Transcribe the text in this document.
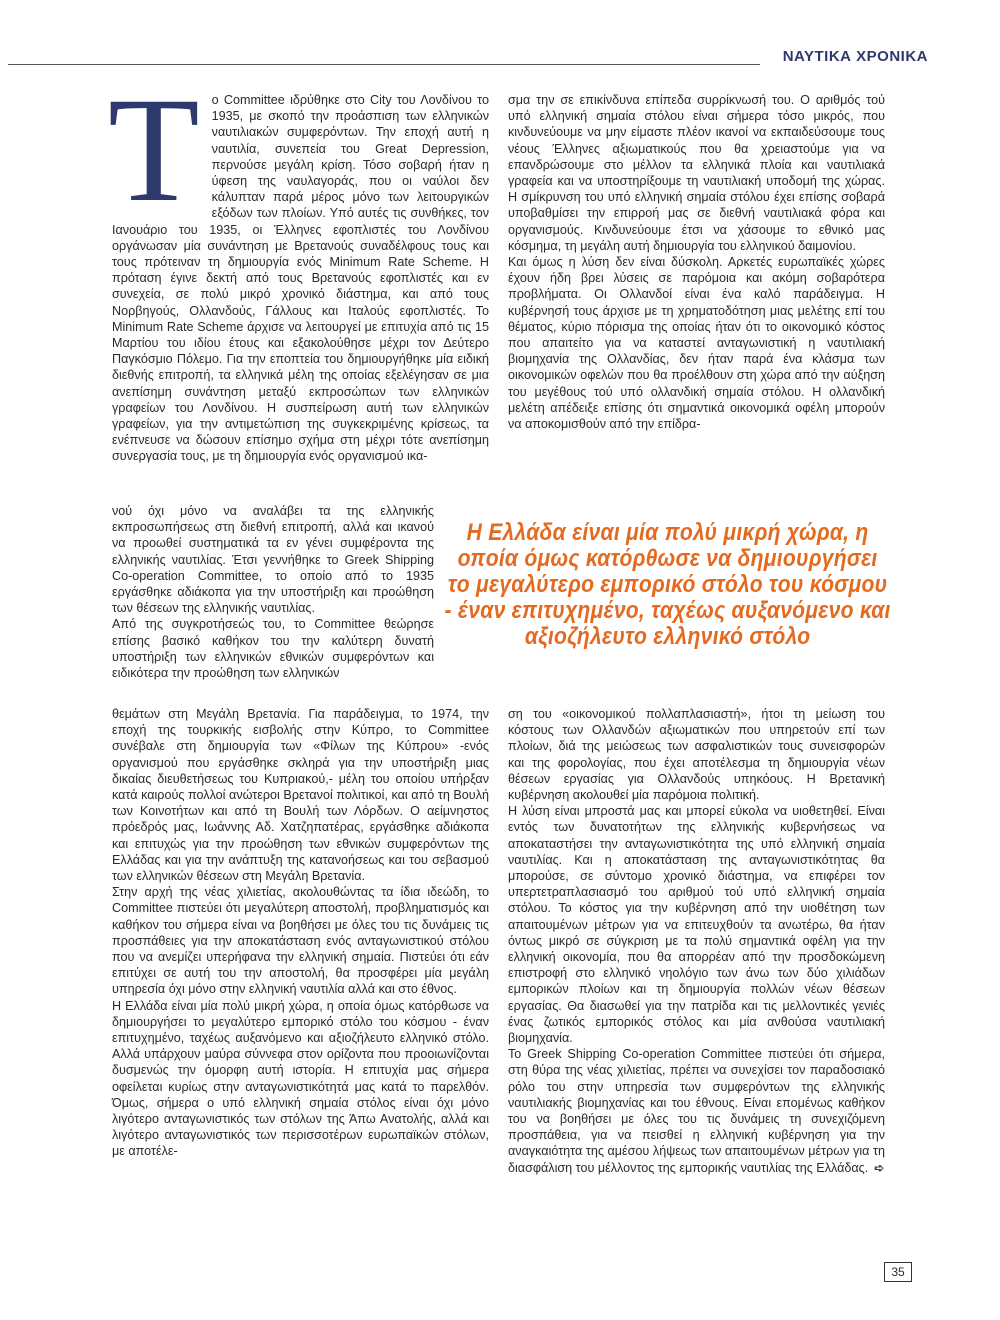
ΝΑΥΤΙΚΑ ΧΡΟΝΙΚΑ
Τ ο Committee ιδρύθηκε στο City του Λονδίνου το 1935, με σκοπό την προάσπιση των ελληνικών ναυτιλιακών συμφερόντων. Την εποχή αυτή η ναυτιλία, συνεπεία του Great Depression, περνούσε μεγάλη κρίση. Τόσο σοβαρή ήταν η ύφεση της ναυλαγοράς, που οι ναύλοι δεν κάλυπταν παρά μέρος μόνο των λειτουργικών εξόδων των πλοίων. Υπό αυτές τις συνθήκες, τον Ιανουάριο του 1935, οι Έλληνες εφοπλιστές του Λονδίνου οργάνωσαν μία συνάντηση με Βρετανούς συναδέλφους τους και τους πρότειναν τη δημιουργία ενός Minimum Rate Scheme. Η πρόταση έγινε δεκτή από τους Βρετανούς εφοπλιστές και εν συνεχεία, σε πολύ μικρό χρονικό διάστημα, και από τους Νορβηγούς, Ολλανδούς, Γάλλους και Ιταλούς εφοπλιστές. Το Minimum Rate Scheme άρχισε να λειτουργεί με επιτυχία από τις 15 Μαρτίου του ιδίου έτους και εξακολούθησε μέχρι τον Δεύτερο Παγκόσμιο Πόλεμο. Για την εποπτεία του δημιουργήθηκε μία ειδική διεθνής επιτροπή, τα ελληνικά μέλη της οποίας εξελέγησαν σε μια ανεπίσημη συνάντηση μεταξύ εκπροσώπων των ελληνικών γραφείων του Λονδίνου. Η συσπείρωση αυτή των ελληνικών γραφείων, για την αντιμετώπιση της συγκεκριμένης κρίσεως, τα ενέπνευσε να δώσουν επίσημο σχήμα στη μέχρι τότε ανεπίσημη συνεργασία τους, με τη δημιουργία ενός οργανισμού ικα-

νού όχι μόνο να αναλάβει τα της ελληνικής εκπροσωπήσεως στη διεθνή επιτροπή, αλλά και ικανού να προωθεί συστηματικά τα εν γένει συμφέροντα της ελληνικής ναυτιλίας. Έτσι γεννήθηκε το Greek Shipping Co-operation Committee, το οποίο από το 1935 εργάσθηκε αδιάκοπα για την υποστήριξη και προώθηση των θέσεων της ελληνικής ναυτιλίας.

Από της συγκροτήσεώς του, το Committee θεώρησε επίσης βασικό καθήκον του την καλύτερη δυνατή υποστήριξη των ελληνικών εθνικών συμφερόντων και ειδικότερα την προώθηση των ελληνικών

σμα την σε επικίνδυνα επίπεδα συρρίκνωσή του. Ο αριθμός τού υπό ελληνική σημαία στόλου είναι σήμερα τόσο μικρός, που κινδυνεύουμε να μην είμαστε πλέον ικανοί να εκπαιδεύσουμε τους νέους Έλληνες αξιωματικούς που θα χρειαστούμε για να επανδρώσουμε στο μέλλον τα ελληνικά πλοία και ναυτιλιακά γραφεία και να υποστηρίξουμε τη ναυτιλιακή υποδομή της χώρας. Η σμίκρυνση του υπό ελληνική σημαία στόλου έχει επίσης σοβαρά υποβαθμίσει την επιρροή μας σε διεθνή ναυτιλιακά φόρα και οργανισμούς. Κινδυνεύουμε έτσι να χάσουμε το εθνικό μας κόσμημα, τη μεγάλη αυτή δημιουργία του ελληνικού δαιμονίου.

Και όμως η λύση δεν είναι δύσκολη. Αρκετές ευρωπαϊκές χώρες έχουν ήδη βρει λύσεις σε παρόμοια και ακόμη σοβαρότερα προβλήματα. Οι Ολλανδοί είναι ένα καλό παράδειγμα. Η κυβέρνησή τους άρχισε με τη χρηματοδότηση μιας μελέτης επί του θέματος, κύριο πόρισμα της οποίας ήταν ότι το οικονομικό κόστος που απαιτείτο για να καταστεί ανταγωνιστική η ναυτιλιακή βιομηχανία της Ολλανδίας, δεν ήταν παρά ένα κλάσμα των οικονομικών οφελών που θα προέλθουν στη χώρα από την αύξηση του μεγέθους τού υπό ολλανδική σημαία στόλου. Η ολλανδική μελέτη απέδειξε επίσης ότι σημαντικά οικονομικά οφέλη μπορούν να αποκομισθούν από την επίδρα-

Η Ελλάδα είναι μία πολύ μικρή χώρα, η οποία όμως κατόρθωσε να δημιουργήσει το μεγαλύτερο εμπορικό στόλο του κόσμου - έναν επιτυχημένο, ταχέως αυξανόμενο και αξιοζήλευτο ελληνικό στόλο

θεμάτων στη Μεγάλη Βρετανία. Για παράδειγμα, το 1974, την εποχή της τουρκικής εισβολής στην Κύπρο, το Committee συνέβαλε στη δημιουργία των «Φίλων της Κύπρου» -ενός οργανισμού που εργάσθηκε σκληρά για την υποστήριξη μιας δικαίας διευθετήσεως του Κυπριακού,- μέλη του οποίου υπήρξαν κατά καιρούς πολλοί ανώτεροι Βρετανοί πολιτικοί, και από τη Βουλή των Κοινοτήτων και από τη Βουλή των Λόρδων. Ο αείμνηστος πρόεδρός μας, Ιωάννης Αδ. Χατζηπατέρας, εργάσθηκε αδιάκοπα και επιτυχώς για την προώθηση των εθνικών συμφερόντων της Ελλάδας και για την ανάπτυξη της κατανοήσεως και του σεβασμού των ελληνικών θέσεων στη Μεγάλη Βρετανία.

Στην αρχή της νέας χιλιετίας, ακολουθώντας τα ίδια ιδεώδη, το Committee πιστεύει ότι μεγαλύτερη αποστολή, προβληματισμός και καθήκον του σήμερα είναι να βοηθήσει με όλες του τις δυνάμεις τις προσπάθειες για την αποκατάσταση ενός ανταγωνιστικού στόλου που να ανεμίζει υπερήφανα την ελληνική σημαία. Πιστεύει ότι εάν επιτύχει σε αυτή του την αποστολή, θα προσφέρει μία μεγάλη υπηρεσία όχι μόνο στην ελληνική ναυτιλία αλλά και στο έθνος.

Η Ελλάδα είναι μία πολύ μικρή χώρα, η οποία όμως κατόρθωσε να δημιουργήσει το μεγαλύτερο εμπορικό στόλο του κόσμου - έναν επιτυχημένο, ταχέως αυξανόμενο και αξιοζήλευτο ελληνικό στόλο. Αλλά υπάρχουν μαύρα σύννεφα στον ορίζοντα που προοιωνίζονται δυσμενώς την όμορφη αυτή ιστορία. Η επιτυχία μας σήμερα οφείλεται κυρίως στην ανταγωνιστικότητά μας κατά το παρελθόν. Όμως, σήμερα ο υπό ελληνική σημαία στόλος είναι όχι μόνο λιγότερο ανταγωνιστικός των στόλων της Άπω Ανατολής, αλλά και λιγότερο ανταγωνιστικός των περισσοτέρων ευρωπαϊκών στόλων, με αποτέλε-

ση του «οικονομικού πολλαπλασιαστή», ήτοι τη μείωση του κόστους των Ολλανδών αξιωματικών που υπηρετούν επί των πλοίων, διά της μειώσεως των ασφαλιστικών τους συνεισφορών και της φορολογίας, που έχει αποτέλεσμα τη δημιουργία νέων θέσεων εργασίας για Ολλανδούς υπηκόους. Η Βρετανική κυβέρνηση ακολουθεί μία παρόμοια πολιτική.

Η λύση είναι μπροστά μας και μπορεί εύκολα να υιοθετηθεί. Είναι εντός των δυνατοτήτων της ελληνικής κυβερνήσεως να αποκαταστήσει την ανταγωνιστικότητα της υπό ελληνική σημαία ναυτιλίας. Και η αποκατάσταση της ανταγωνιστικότητας θα μπορούσε, σε σύντομο χρονικό διάστημα, να επιφέρει τον υπερτετραπλασιασμό του αριθμού τού υπό ελληνική σημαία στόλου. Το κόστος για την κυβέρνηση από την υιοθέτηση των απαιτουμένων μέτρων για να επιτευχθούν τα ανωτέρω, θα ήταν όντως μικρό σε σύγκριση με τα πολύ σημαντικά οφέλη για την ελληνική οικονομία, που θα απορρέαν από την προσδοκώμενη επιστροφή στο ελληνικό νηολόγιο των άνω των δύο χιλιάδων εμπορικών πλοίων και τη δημιουργία πολλών νέων θέσεων εργασίας. Θα διασωθεί για την πατρίδα και τις μελλοντικές γενιές ένας ζωτικός εμπορικός στόλος και μία ανθούσα ναυτιλιακή βιομηχανία.

Το Greek Shipping Co-operation Committee πιστεύει ότι σήμερα, στη θύρα της νέας χιλιετίας, πρέπει να συνεχίσει τον παραδοσιακό ρόλο του στην υπηρεσία των συμφερόντων της ελληνικής ναυτιλιακής βιομηχανίας και του έθνους. Είναι επομένως καθήκον του να βοηθήσει με όλες του τις δυνάμεις τη συνεχιζόμενη προσπάθεια, για να πεισθεί η ελληνική κυβέρνηση για την αναγκαιότητα της αμέσου λήψεως των απαιτουμένων μέτρων για τη διασφάλιση του μέλλοντος της εμπορικής ναυτιλίας της Ελλάδας. ➪

35
